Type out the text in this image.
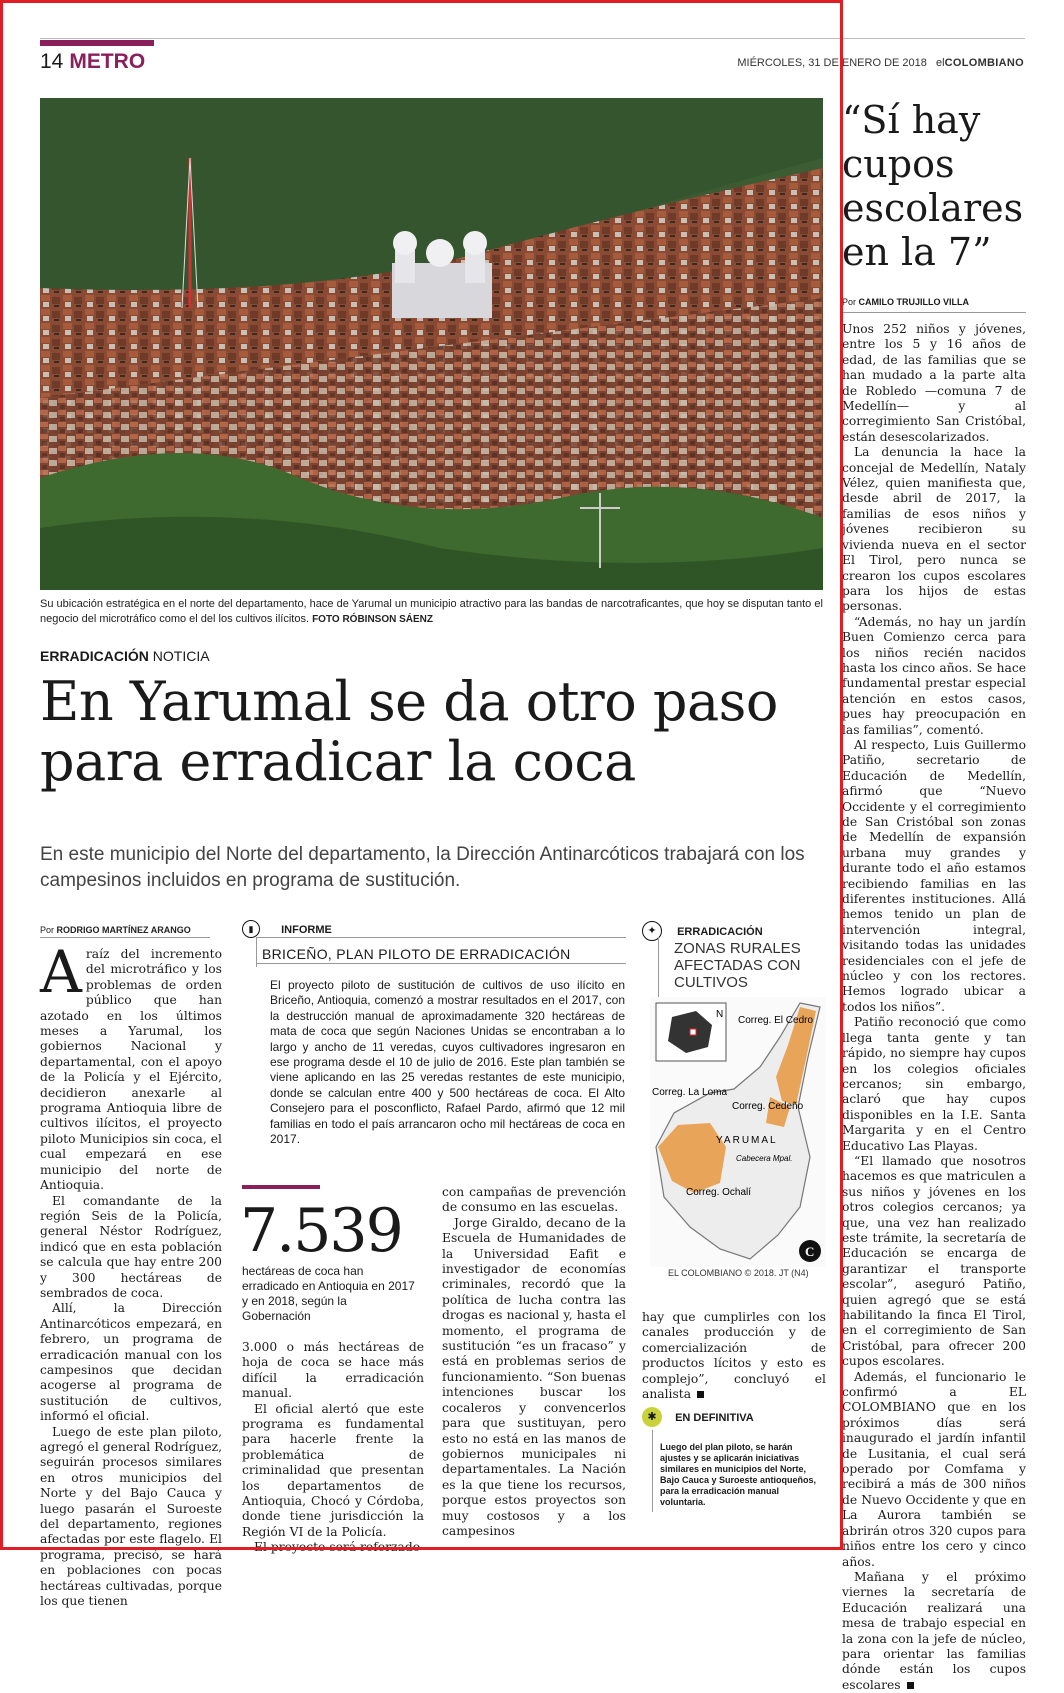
14 METRO	MIÉRCOLES, 31 DE ENERO DE 2018 elCOLOMBIANO
Su ubicación estratégica en el norte del departamento, hace de Yarumal un municipio atractivo para las bandas de narcotraficantes, que hoy se disputan tanto el negocio del microtráfico como el del los cultivos ilícitos. FOTO RÓBINSON SÁENZ
ERRADICACIÓN NOTICIA
En Yarumal se da otro paso para erradicar la coca
En este municipio del Norte del departamento, la Dirección Antinarcóticos trabajará con los campesinos incluidos en programa de sustitución.
Por RODRIGO MARTÍNEZ ARANGO

Araíz del incremento del microtráfico y los problemas de orden público que han azotado en los últimos meses a Yarumal, los gobiernos Nacional y departamental, con el apoyo de la Policía y el Ejército, decidieron anexarle al programa Antioquia libre de cultivos ilícitos, el proyecto piloto Municipios sin coca, el cual empezará en ese municipio del norte de Antioquia.

El comandante de la región Seis de la Policía, general Néstor Rodríguez, indicó que en esta población se calcula que hay entre 200 y 300 hectáreas de sembrados de coca.

Allí, la Dirección Antinarcóticos empezará, en febrero, un programa de erradicación manual con los campesinos que decidan acogerse al programa de sustitución de cultivos, informó el oficial.

Luego de este plan piloto, agregó el general Rodríguez, seguirán procesos similares en otros municipios del Norte y del Bajo Cauca y luego pasarán el Suroeste del departamento, regiones afectadas por este flagelo. El programa, precisó, se hará en poblaciones con pocas hectáreas cultivadas, porque los que tienen

▮	INFORME
BRICEÑO, PLAN PILOTO DE ERRADICACIÓN
El proyecto piloto de sustitución de cultivos de uso ilícito en Briceño, Antioquia, comenzó a mostrar resultados en el 2017, con la destrucción manual de aproximadamente 320 hectáreas de mata de coca que según Naciones Unidas se encontraban a lo largo y ancho de 11 veredas, cuyos cultivadores ingresaron en ese programa desde el 10 de julio de 2016. Este plan también se viene aplicando en las 25 veredas restantes de este municipio, donde se calculan entre 400 y 500 hectáreas de coca. El Alto Consejero para el posconflicto, Rafael Pardo, afirmó que 12 mil familias en todo el país arrancaron ocho mil hectáreas de coca en 2017.
7.539
hectáreas de coca han erradicado en Antioquia en 2017 y en 2018, según la Gobernación

3.000 o más hectáreas de hoja de coca se hace más difícil la erradicación manual.

El oficial alertó que este programa es fundamental para hacerle frente la problemática de criminalidad que presentan los departamentos de Antioquia, Chocó y Córdoba, donde tiene jurisdicción la Región VI de la Policía.

El proyecto será reforzado

con campañas de prevención de consumo en las escuelas.

Jorge Giraldo, decano de la Escuela de Humanidades de la Universidad Eafit e investigador de economías criminales, recordó que la política de lucha contra las drogas es nacional y, hasta el momento, el programa de sustitución “es un fracaso” y está en problemas serios de funcionamiento. “Son buenas intenciones buscar los cocaleros y convencerlos para que sustituyan, pero esto no está en las manos de gobiernos municipales ni departamentales. La Nación es la que tiene los recursos, porque estos proyectos son muy costosos y a los campesinos

✦ ERRADICACIÓN
ZONAS RURALES AFECTADAS CON CULTIVOS
N
Correg. El Cedro
Correg. La Loma
Correg. Cedeño
YARUMAL
Cabecera Mpal.
Correg. Ochalí
C
EL COLOMBIANO © 2018. JT (N4)

hay que cumplirles con los canales producción y de comercialización de productos lícitos y esto es complejo”, concluyó el analista

✱ EN DEFINITIVA
Luego del plan piloto, se harán ajustes y se aplicarán iniciativas similares en municipios del Norte, Bajo Cauca y Suroeste antioqueños, para la erradicación manual voluntaria.
“Sí hay cupos escolares en la 7”
Por CAMILO TRUJILLO VILLA

Unos 252 niños y jóvenes, entre los 5 y 16 años de edad, de las familias que se han mudado a la parte alta de Robledo —comuna 7 de Medellín— y al corregimiento San Cristóbal, están desescolarizados.

La denuncia la hace la concejal de Medellín, Nataly Vélez, quien manifiesta que, desde abril de 2017, la familias de esos niños y jóvenes recibieron su vivienda nueva en el sector El Tirol, pero nunca se crearon los cupos escolares para los hijos de estas personas.

“Además, no hay un jardín Buen Comienzo cerca para los niños recién nacidos hasta los cinco años. Se hace fundamental prestar especial atención en estos casos, pues hay preocupación en las familias”, comentó.

Al respecto, Luis Guillermo Patiño, secretario de Educación de Medellín, afirmó que “Nuevo Occidente y el corregimiento de San Cristóbal son zonas de Medellín de expansión urbana muy grandes y durante todo el año estamos recibiendo familias en las diferentes instituciones. Allá hemos tenido un plan de intervención integral, visitando todas las unidades residenciales con el jefe de núcleo y con los rectores. Hemos logrado ubicar a todos los niños”.

Patiño reconoció que como llega tanta gente y tan rápido, no siempre hay cupos en los colegios oficiales cercanos; sin embargo, aclaró que hay cupos disponibles en la I.E. Santa Margarita y en el Centro Educativo Las Playas.

“El llamado que nosotros hacemos es que matriculen a sus niños y jóvenes en los otros colegios cercanos; ya que, una vez han realizado este trámite, la secretaría de Educación se encarga de garantizar el transporte escolar”, aseguró Patiño, quien agregó que se está habilitando la finca El Tirol, en el corregimiento de San Cristóbal, para ofrecer 200 cupos escolares.

Además, el funcionario le confirmó a EL COLOMBIANO que en los próximos días será inaugurado el jardín infantil de Lusitania, el cual será operado por Comfama y recibirá a más de 300 niños de Nuevo Occidente y que en La Aurora también se abrirán otros 320 cupos para niños entre los cero y cinco años.

Mañana y el próximo viernes la secretaría de Educación realizará una mesa de trabajo especial en la zona con la jefe de núcleo, para orientar las familias dónde están los cupos escolares
